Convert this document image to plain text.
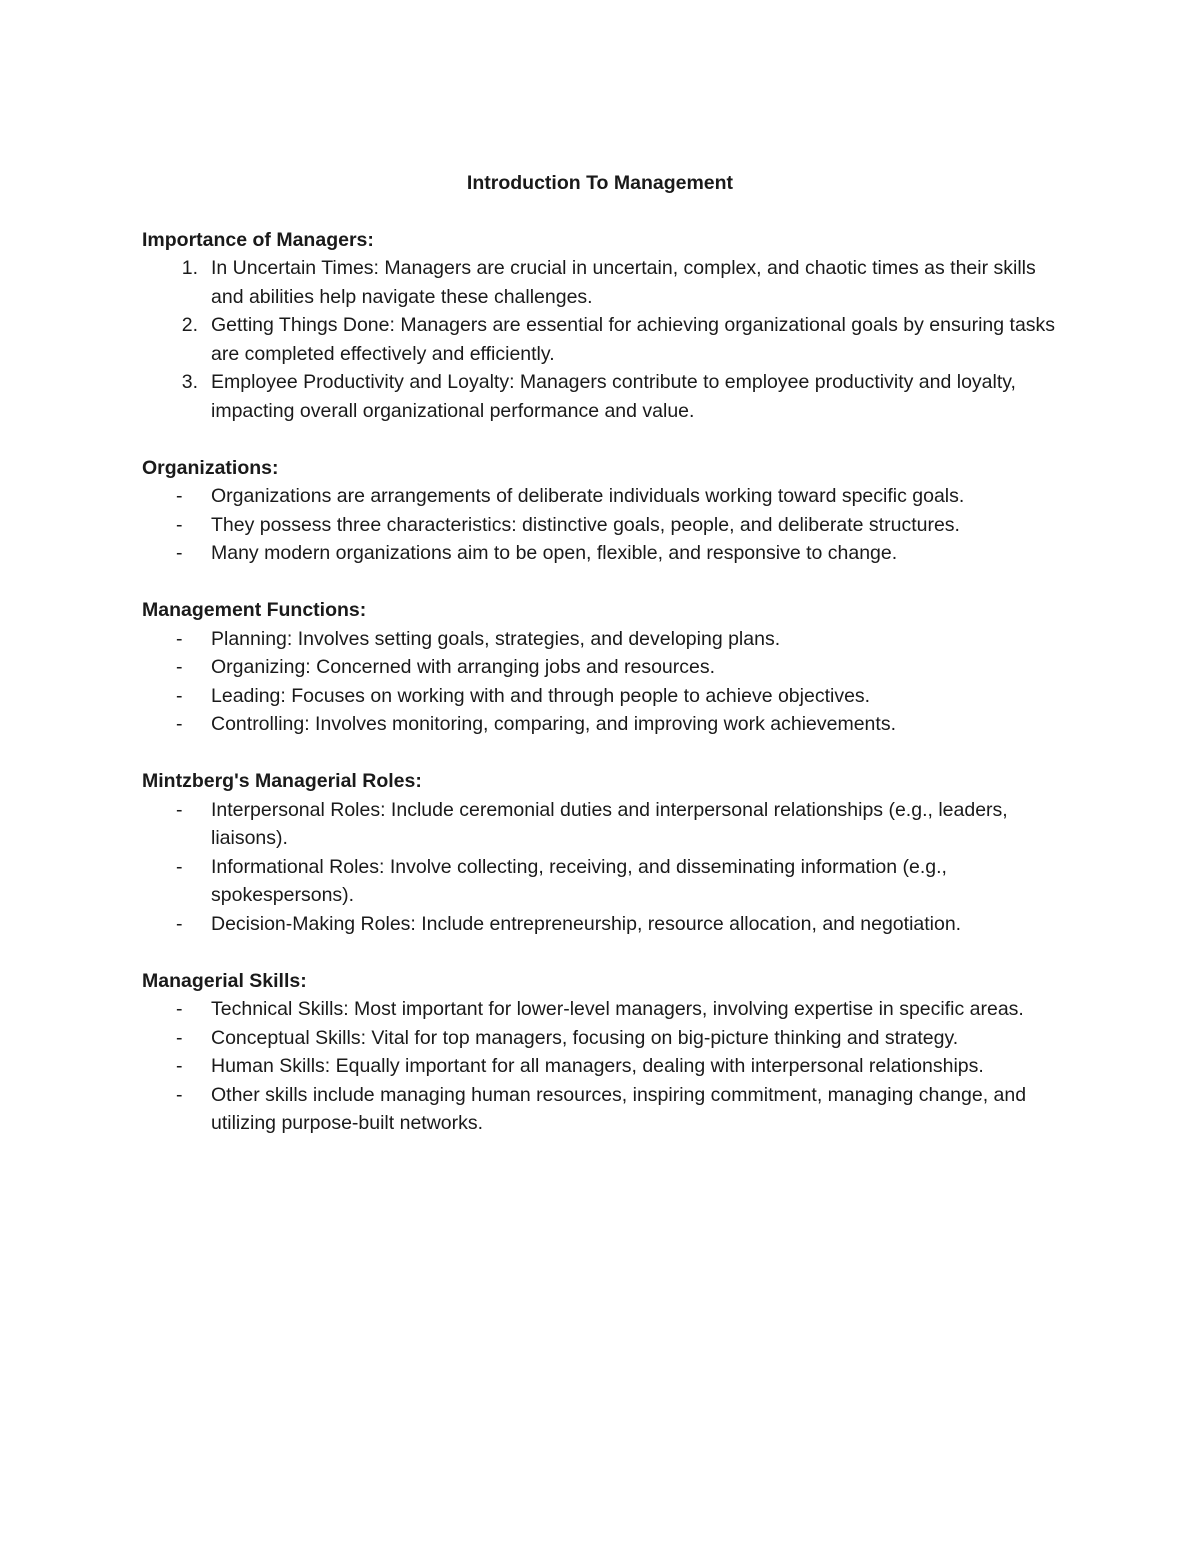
Introduction To Management

Importance of Managers:

1. In Uncertain Times: Managers are crucial in uncertain, complex, and chaotic times as their skills and abilities help navigate these challenges.
2. Getting Things Done: Managers are essential for achieving organizational goals by ensuring tasks are completed effectively and efficiently.
3. Employee Productivity and Loyalty: Managers contribute to employee productivity and loyalty, impacting overall organizational performance and value.

Organizations:

-	Organizations are arrangements of deliberate individuals working toward specific goals.
-	They possess three characteristics: distinctive goals, people, and deliberate structures.
-	Many modern organizations aim to be open, flexible, and responsive to change.

Management Functions:

-	Planning: Involves setting goals, strategies, and developing plans.
-	Organizing: Concerned with arranging jobs and resources.
-	Leading: Focuses on working with and through people to achieve objectives.
-	Controlling: Involves monitoring, comparing, and improving work achievements.

Mintzberg's Managerial Roles:

-	Interpersonal Roles: Include ceremonial duties and interpersonal relationships (e.g., leaders, liaisons).
-	Informational Roles: Involve collecting, receiving, and disseminating information (e.g., spokespersons).
-	Decision-Making Roles: Include entrepreneurship, resource allocation, and negotiation.

Managerial Skills:

-	Technical Skills: Most important for lower-level managers, involving expertise in specific areas.
-	Conceptual Skills: Vital for top managers, focusing on big-picture thinking and strategy.
-	Human Skills: Equally important for all managers, dealing with interpersonal relationships.
-	Other skills include managing human resources, inspiring commitment, managing change, and utilizing purpose-built networks.
